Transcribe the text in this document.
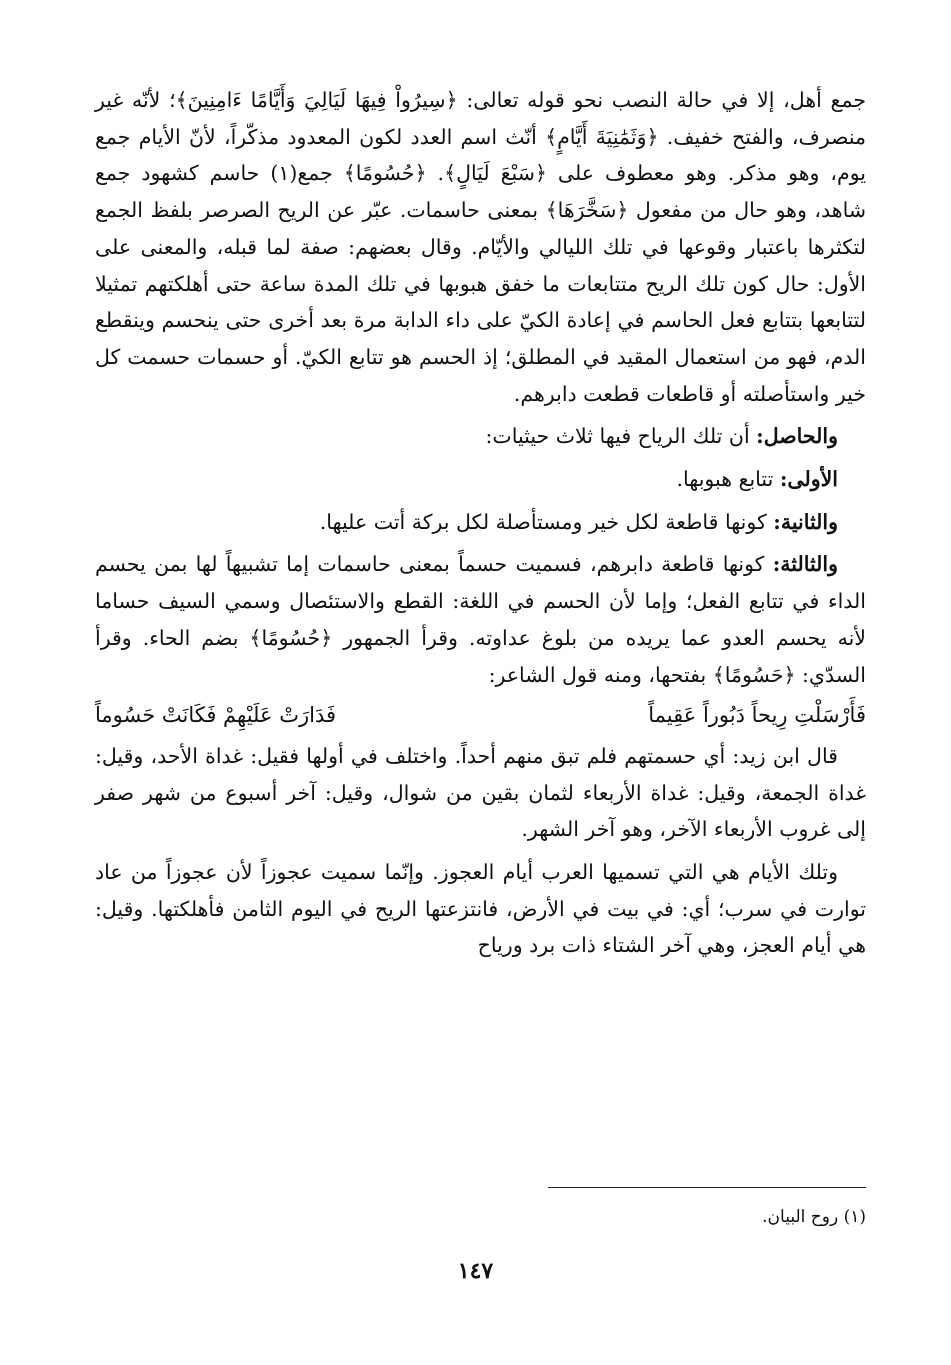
جمع أهل، إلا في حالة النصب نحو قوله تعالى: ﴿سِيرُواْ فِيهَا لَيَالِيَ وَأَيَّامًا ءَامِنِينَ﴾؛ لأنّه غير منصرف، والفتح خفيف. ﴿وَثَمَٰنِيَةَ أَيَّامٍ﴾ أنّث اسم العدد لكون المعدود مذكّراً، لأنّ الأيام جمع يوم، وهو مذكر. وهو معطوف على ﴿سَبْعَ لَيَالٍ﴾. ﴿حُسُومًا﴾ جمع(١) حاسم كشهود جمع شاهد، وهو حال من مفعول ﴿سَخَّرَهَا﴾ بمعنى حاسمات. عبّر عن الريح الصرصر بلفظ الجمع لتكثرها باعتبار وقوعها في تلك الليالي والأيّام. وقال بعضهم: صفة لما قبله، والمعنى على الأول: حال كون تلك الريح متتابعات ما خفق هبوبها في تلك المدة ساعة حتى أهلكتهم تمثيلا لتتابعها بتتابع فعل الحاسم في إعادة الكيّ على داء الدابة مرة بعد أخرى حتى ينحسم وينقطع الدم، فهو من استعمال المقيد في المطلق؛ إذ الحسم هو تتابع الكيّ. أو حسمات حسمت كل خير واستأصلته أو قاطعات قطعت دابرهم.

والحاصل: أن تلك الرياح فيها ثلاث حيثيات:

الأولى: تتابع هبوبها.

والثانية: كونها قاطعة لكل خير ومستأصلة لكل بركة أتت عليها.

والثالثة: كونها قاطعة دابرهم، فسميت حسماً بمعنى حاسمات إما تشبيهاً لها بمن يحسم الداء في تتابع الفعل؛ وإما لأن الحسم في اللغة: القطع والاستئصال وسمي السيف حساما لأنه يحسم العدو عما يريده من بلوغ عداوته. وقرأ الجمهور ﴿حُسُومًا﴾ بضم الحاء. وقرأ السدّي: ﴿حَسُومًا﴾ بفتحها، ومنه قول الشاعر:

فَأَرْسَلْتِ رِيحاً دَبُوراً عَقِيماً
فَدَارَتْ عَلَيْهِمْ فَكَانَتْ حَسُوماً

قال ابن زيد: أي حسمتهم فلم تبق منهم أحداً. واختلف في أولها فقيل: غداة الأحد، وقيل: غداة الجمعة، وقيل: غداة الأربعاء لثمان بقين من شوال، وقيل: آخر أسبوع من شهر صفر إلى غروب الأربعاء الآخر، وهو آخر الشهر.

وتلك الأيام هي التي تسميها العرب أيام العجوز. وإنّما سميت عجوزاً لأن عجوزاً من عاد توارت في سرب؛ أي: في بيت في الأرض، فانتزعتها الريح في اليوم الثامن فأهلكتها. وقيل: هي أيام العجز، وهي آخر الشتاء ذات برد ورياح

(١) روح البيان.
١٤٧
